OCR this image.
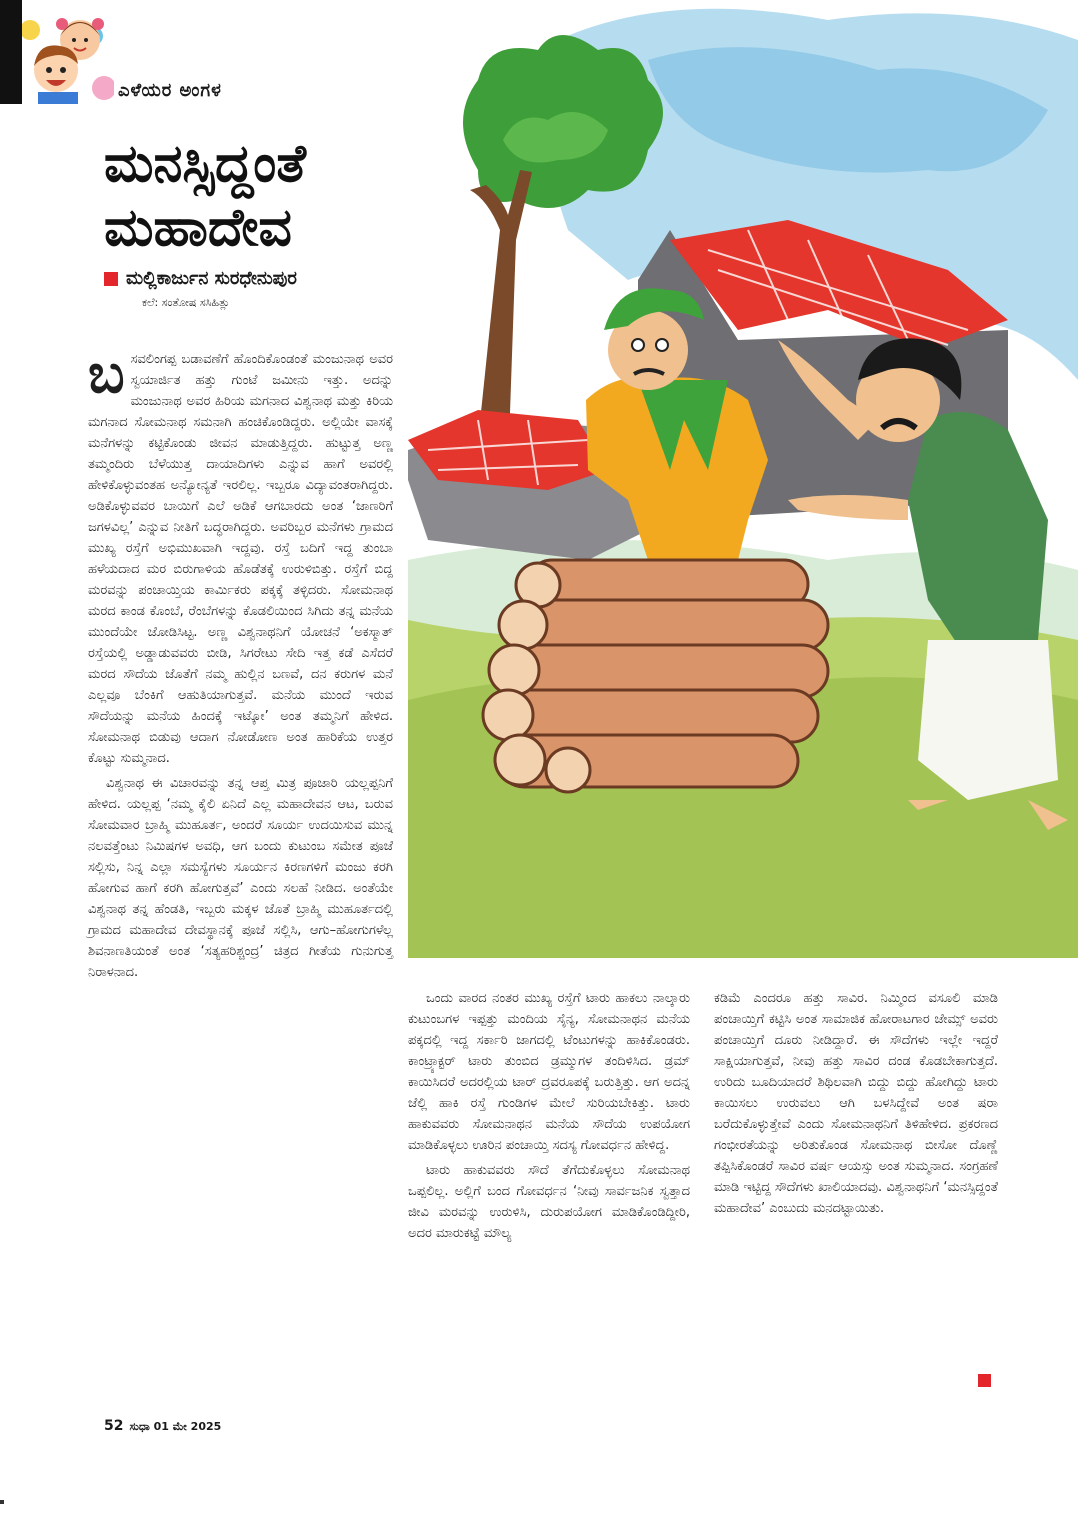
ಎಳೆಯರ ಅಂಗಳ
ಮನಸ್ಸಿದ್ದಂತೆ
ಮಹಾದೇವ
ಮಲ್ಲಿಕಾರ್ಜುನ ಸುರಧೇನುಪುರ
ಕಲೆ: ಸಂತೋಷ ಸಸಿಹಿತ್ಲು

ಬಸವಲಿಂಗಪ್ಪ ಬಡಾವಣೆಗೆ ಹೊಂದಿಕೊಂಡಂತೆ ಮಂಜುನಾಥ ಅವರ ಸ್ವಯಾರ್ಜಿತ ಹತ್ತು ಗುಂಟೆ ಜಮೀನು ಇತ್ತು. ಅದನ್ನು ಮಂಜುನಾಥ ಅವರ ಹಿರಿಯ ಮಗನಾದ ವಿಶ್ವನಾಥ ಮತ್ತು ಕಿರಿಯ ಮಗನಾದ ಸೋಮನಾಥ ಸಮನಾಗಿ ಹಂಚಿಕೊಂಡಿದ್ದರು. ಅಲ್ಲಿಯೇ ವಾಸಕ್ಕೆ ಮನೆಗಳನ್ನು ಕಟ್ಟಿಕೊಂಡು ಜೀವನ ಮಾಡುತ್ತಿದ್ದರು. ಹುಟ್ಟುತ್ತ ಅಣ್ಣ ತಮ್ಮಂದಿರು ಬೆಳೆಯುತ್ತ ದಾಯಾದಿಗಳು ಎನ್ನುವ ಹಾಗೆ ಅವರಲ್ಲಿ ಹೇಳಿಕೊಳ್ಳುವಂತಹ ಅನ್ಯೋನ್ಯತೆ ಇರಲಿಲ್ಲ. ಇಬ್ಬರೂ ವಿದ್ಯಾವಂತರಾಗಿದ್ದರು. ಅಡಿಕೊಳ್ಳುವವರ ಬಾಯಿಗೆ ಎಲೆ ಅಡಿಕೆ ಆಗಬಾರದು ಅಂತ ‘ಜಾಣರಿಗೆ ಜಗಳವಿಲ್ಲ’ ಎನ್ನುವ ನೀತಿಗೆ ಬದ್ಧರಾಗಿದ್ದರು. ಅವರಿಬ್ಬರ ಮನೆಗಳು ಗ್ರಾಮದ ಮುಖ್ಯ ರಸ್ತೆಗೆ ಅಭಿಮುಖವಾಗಿ ಇದ್ದವು. ರಸ್ತೆ ಬದಿಗೆ ಇದ್ದ ತುಂಬಾ ಹಳೆಯದಾದ ಮರ ಬಿರುಗಾಳಿಯ ಹೊಡೆತಕ್ಕೆ ಉರುಳಿಬಿತ್ತು. ರಸ್ತೆಗೆ ಬಿದ್ದ ಮರವನ್ನು ಪಂಚಾಯ್ತಿಯ ಕಾರ್ಮಿಕರು ಪಕ್ಕಕ್ಕೆ ತಳ್ಳಿದರು. ಸೋಮನಾಥ ಮರದ ಕಾಂಡ ಕೊಂಬೆ, ರೆಂಬೆಗಳನ್ನು ಕೊಡಲಿಯಿಂದ ಸಿಗಿದು ತನ್ನ ಮನೆಯ ಮುಂದೆಯೇ ಜೋಡಿಸಿಟ್ಟ. ಅಣ್ಣ ವಿಶ್ವನಾಥನಿಗೆ ಯೋಚನೆ ‘ಅಕಸ್ಮಾತ್ ರಸ್ತೆಯಲ್ಲಿ ಅಡ್ಡಾಡುವವರು ಬೀಡಿ, ಸಿಗರೇಟು ಸೇದಿ ಇತ್ತ ಕಡೆ ಎಸೆದರೆ ಮರದ ಸೌದೆಯ ಜೊತೆಗೆ ನಮ್ಮ ಹುಲ್ಲಿನ ಬಣವೆ, ದನ ಕರುಗಳ ಮನೆ ಎಲ್ಲವೂ ಬೆಂಕಿಗೆ ಆಹುತಿಯಾಗುತ್ತವೆ. ಮನೆಯ ಮುಂದೆ ಇರುವ ಸೌದೆಯನ್ನು ಮನೆಯ ಹಿಂದಕ್ಕೆ ಇಟ್ಕೋ’ ಅಂತ ತಮ್ಮನಿಗೆ ಹೇಳಿದ. ಸೋಮನಾಥ ಬಿಡುವು ಆದಾಗ ನೋಡೋಣ ಅಂತ ಹಾರಿಕೆಯ ಉತ್ತರ ಕೊಟ್ಟು ಸುಮ್ಮನಾದ.

ವಿಶ್ವನಾಥ ಈ ವಿಚಾರವನ್ನು ತನ್ನ ಆಪ್ತ ಮಿತ್ರ ಪೂಜಾರಿ ಯಲ್ಲಪ್ಪನಿಗೆ ಹೇಳಿದ. ಯಲ್ಲಪ್ಪ ‘ನಮ್ಮ ಕೈಲಿ ಏನಿದೆ ಎಲ್ಲ ಮಹಾದೇವನ ಆಟ, ಬರುವ ಸೋಮವಾರ ಬ್ರಾಹ್ಮಿ ಮುಹೂರ್ತ, ಅಂದರೆ ಸೂರ್ಯ ಉದಯಿಸುವ ಮುನ್ನ ನಲವತ್ತೆಂಟು ನಿಮಿಷಗಳ ಅವಧಿ, ಆಗ ಬಂದು ಕುಟುಂಬ ಸಮೇತ ಪೂಜೆ ಸಲ್ಲಿಸು, ನಿನ್ನ ಎಲ್ಲಾ ಸಮಸ್ಯೆಗಳು ಸೂರ್ಯನ ಕಿರಣಗಳಿಗೆ ಮಂಜು ಕರಗಿ ಹೋಗುವ ಹಾಗೆ ಕರಗಿ ಹೋಗುತ್ತವೆ’ ಎಂದು ಸಲಹೆ ನೀಡಿದ. ಅಂತೆಯೇ ವಿಶ್ವನಾಥ ತನ್ನ ಹೆಂಡತಿ, ಇಬ್ಬರು ಮಕ್ಕಳ ಜೊತೆ ಬ್ರಾಹ್ಮಿ ಮುಹೂರ್ತದಲ್ಲಿ ಗ್ರಾಮದ ಮಹಾದೇವ ದೇವಸ್ಥಾನಕ್ಕೆ ಪೂಜೆ ಸಲ್ಲಿಸಿ, ಆಗು–ಹೋಗುಗಳೆಲ್ಲ ಶಿವನಾಣತಿಯಂತೆ ಅಂತ ‘ಸತ್ಯಹರಿಶ್ಚಂದ್ರ’ ಚಿತ್ರದ ಗೀತೆಯ ಗುನುಗುತ್ತ ನಿರಾಳನಾದ.

ಒಂದು ವಾರದ ನಂತರ ಮುಖ್ಯ ರಸ್ತೆಗೆ ಟಾರು ಹಾಕಲು ನಾಲ್ಕಾರು ಕುಟುಂಬಗಳ ಇಪ್ಪತ್ತು ಮಂದಿಯ ಸೈನ್ಯ, ಸೋಮನಾಥನ ಮನೆಯ ಪಕ್ಕದಲ್ಲಿ ಇದ್ದ ಸರ್ಕಾರಿ ಜಾಗದಲ್ಲಿ ಟೆಂಟುಗಳನ್ನು ಹಾಕಿಕೊಂಡರು. ಕಾಂಟ್ರ್ಯಾಕ್ಟರ್ ಟಾರು ತುಂಬಿದ ಡ್ರಮ್ಮುಗಳ ತಂದಿಳಿಸಿದ. ಡ್ರಮ್ ಕಾಯಿಸಿದರೆ ಅದರಲ್ಲಿಯ ಟಾರ್ ದ್ರವರೂಪಕ್ಕೆ ಬರುತ್ತಿತ್ತು. ಆಗ ಅದನ್ನ ಜೆಲ್ಲಿ ಹಾಕಿ ರಸ್ತೆ ಗುಂಡಿಗಳ ಮೇಲೆ ಸುರಿಯಬೇಕಿತ್ತು. ಟಾರು ಹಾಕುವವರು ಸೋಮನಾಥನ ಮನೆಯ ಸೌದೆಯ ಉಪಯೋಗ ಮಾಡಿಕೊಳ್ಳಲು ಊರಿನ ಪಂಚಾಯ್ತಿ ಸದಸ್ಯ ಗೋವರ್ಧನ ಹೇಳಿದ್ದ.

ಟಾರು ಹಾಕುವವರು ಸೌದೆ ತೆಗೆದುಕೊಳ್ಳಲು ಸೋಮನಾಥ ಒಪ್ಪಲಿಲ್ಲ. ಅಲ್ಲಿಗೆ ಬಂದ ಗೋವರ್ಧನ ‘ನೀವು ಸಾರ್ವಜನಿಕ ಸ್ವತ್ತಾದ ಜೀವಿ ಮರವನ್ನು ಉರುಳಿಸಿ, ದುರುಪಯೋಗ ಮಾಡಿಕೊಂಡಿದ್ದೀರಿ, ಅದರ ಮಾರುಕಟ್ಟೆ ಮೌಲ್ಯ

ಕಡಿಮೆ ಎಂದರೂ ಹತ್ತು ಸಾವಿರ. ನಿಮ್ಮಿಂದ ವಸೂಲಿ ಮಾಡಿ ಪಂಚಾಯ್ತಿಗೆ ಕಟ್ಟಿಸಿ ಅಂತ ಸಾಮಾಜಿಕ ಹೋರಾಟಗಾರ ಜೇಮ್ಸ್ ಅವರು ಪಂಚಾಯ್ತಿಗೆ ದೂರು ನೀಡಿದ್ದಾರೆ. ಈ ಸೌದೆಗಳು ಇಲ್ಲೇ ಇದ್ದರೆ ಸಾಕ್ಷಿಯಾಗುತ್ತವೆ, ನೀವು ಹತ್ತು ಸಾವಿರ ದಂಡ ಕೊಡಬೇಕಾಗುತ್ತದೆ. ಉರಿದು ಬೂದಿಯಾದರೆ ಶಿಥಿಲವಾಗಿ ಬಿದ್ದು ಬಿದ್ದು ಹೋಗಿದ್ದು ಟಾರು ಕಾಯಿಸಲು ಉರುವಲು ಆಗಿ ಬಳಸಿದ್ದೇವೆ ಅಂತ ಷರಾ ಬರೆದುಕೊಳ್ಳುತ್ತೇವೆ ಎಂದು ಸೋಮನಾಥನಿಗೆ ತಿಳಿಹೇಳಿದ. ಪ್ರಕರಣದ ಗಂಭೀರತೆಯನ್ನು ಅರಿತುಕೊಂಡ ಸೋಮನಾಥ ಬೀಸೋ ದೊಣ್ಣೆ ತಪ್ಪಿಸಿಕೊಂಡರೆ ಸಾವಿರ ವರ್ಷ ಆಯಸ್ಸು ಅಂತ ಸುಮ್ಮನಾದ. ಸಂಗ್ರಹಣೆ ಮಾಡಿ ಇಟ್ಟಿದ್ದ ಸೌದೆಗಳು ಖಾಲಿಯಾದವು. ವಿಶ್ವನಾಥನಿಗೆ ‘ಮನಸ್ಸಿದ್ದಂತೆ ಮಹಾದೇವ’ ಎಂಬುದು ಮನದಟ್ಟಾಯಿತು.

52 ಸುಧಾ 01 ಮೇ 2025
